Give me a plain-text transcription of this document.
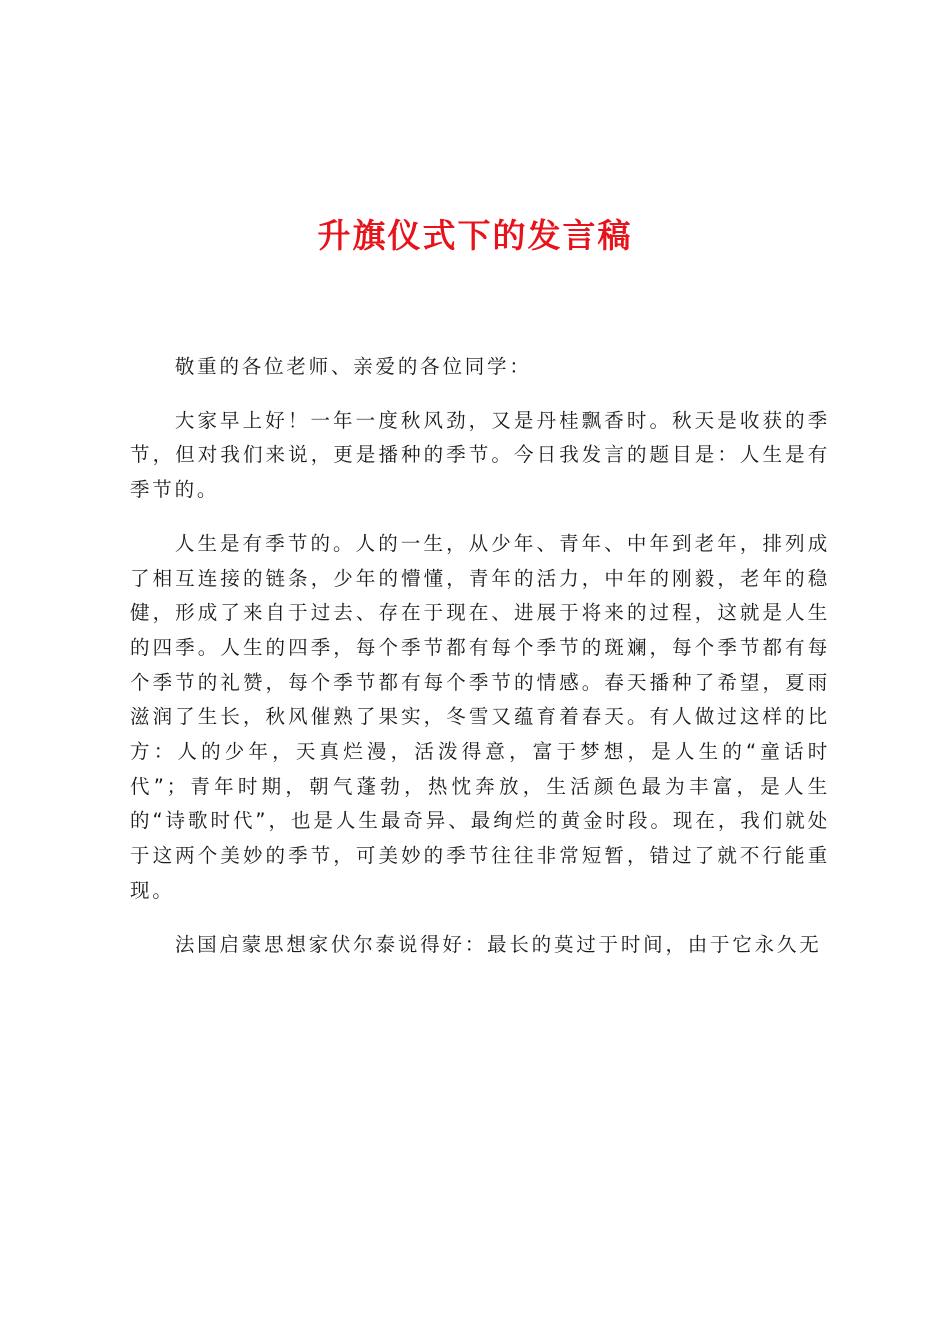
升旗仪式下的发言稿

敬重的各位老师、亲爱的各位同学：

大家早上好！一年一度秋风劲，又是丹桂飘香时。秋天是收获的季节，但对我们来说，更是播种的季节。今日我发言的题目是：人生是有季节的。

人生是有季节的。人的一生，从少年、青年、中年到老年，排列成了相互连接的链条，少年的懵懂，青年的活力，中年的刚毅，老年的稳健，形成了来自于过去、存在于现在、进展于将来的过程，这就是人生的四季。人生的四季，每个季节都有每个季节的斑斓，每个季节都有每个季节的礼赞，每个季节都有每个季节的情感。春天播种了希望，夏雨滋润了生长，秋风催熟了果实，冬雪又蕴育着春天。有人做过这样的比方：人的少年，天真烂漫，活泼得意，富于梦想，是人生的“童话时代”；青年时期，朝气蓬勃，热忱奔放，生活颜色最为丰富，是人生的“诗歌时代”，也是人生最奇异、最绚烂的黄金时段。现在，我们就处于这两个美妙的季节，可美妙的季节往往非常短暂，错过了就不行能重现。

法国启蒙思想家伏尔泰说得好：最长的莫过于时间，由于它永久无
